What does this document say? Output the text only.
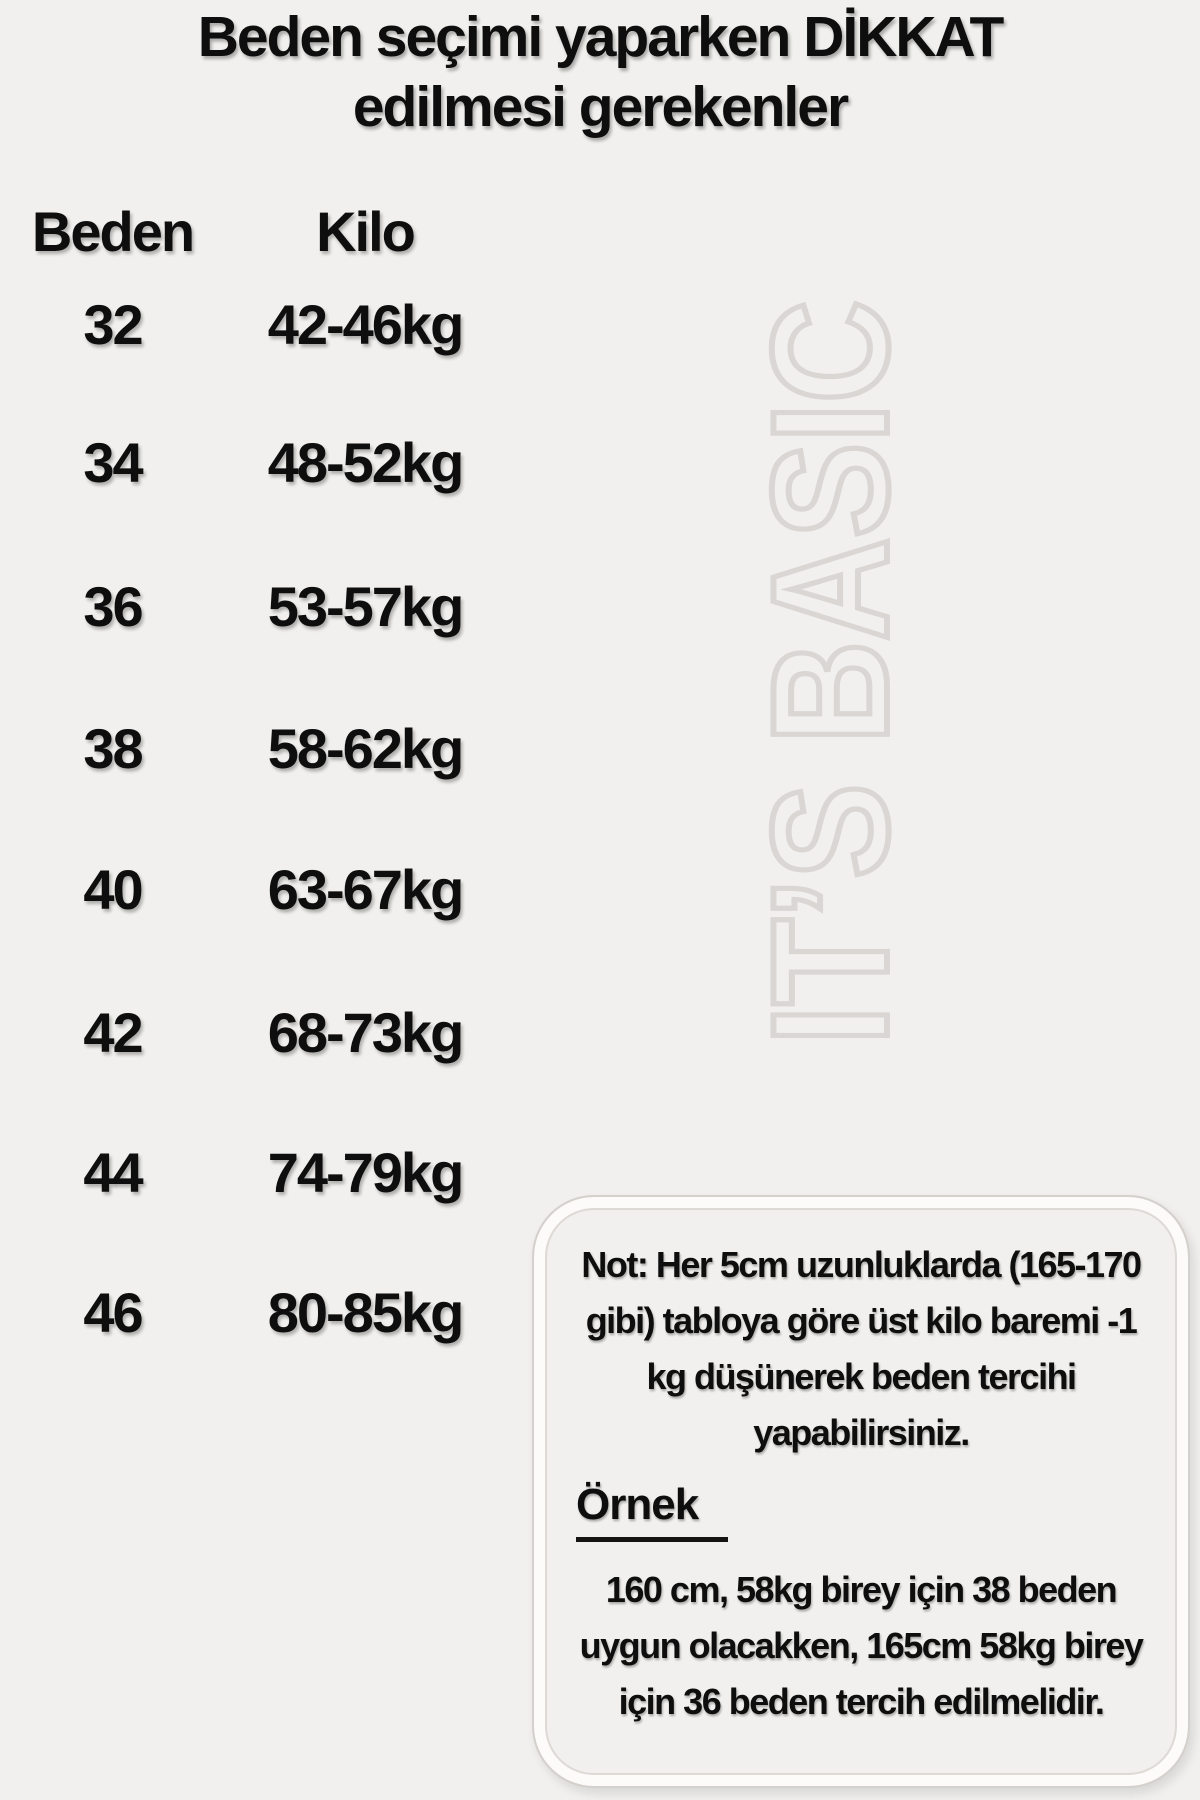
Beden seçimi yaparken DİKKAT
edilmesi gerekenler
Beden	Kilo
32	42-46kg
34	48-52kg
36	53-57kg
38	58-62kg
40	63-67kg
42	68-73kg
44	74-79kg
46	80-85kg
IT’S BASIC

Not: Her 5cm uzunluklarda (165-170 gibi) tabloya göre üst kilo baremi -1 kg düşünerek beden tercihi yapabilirsiniz.

Örnek

160 cm, 58kg birey için 38 beden uygun olacakken, 165cm 58kg birey için 36 beden tercih edilmelidir.
